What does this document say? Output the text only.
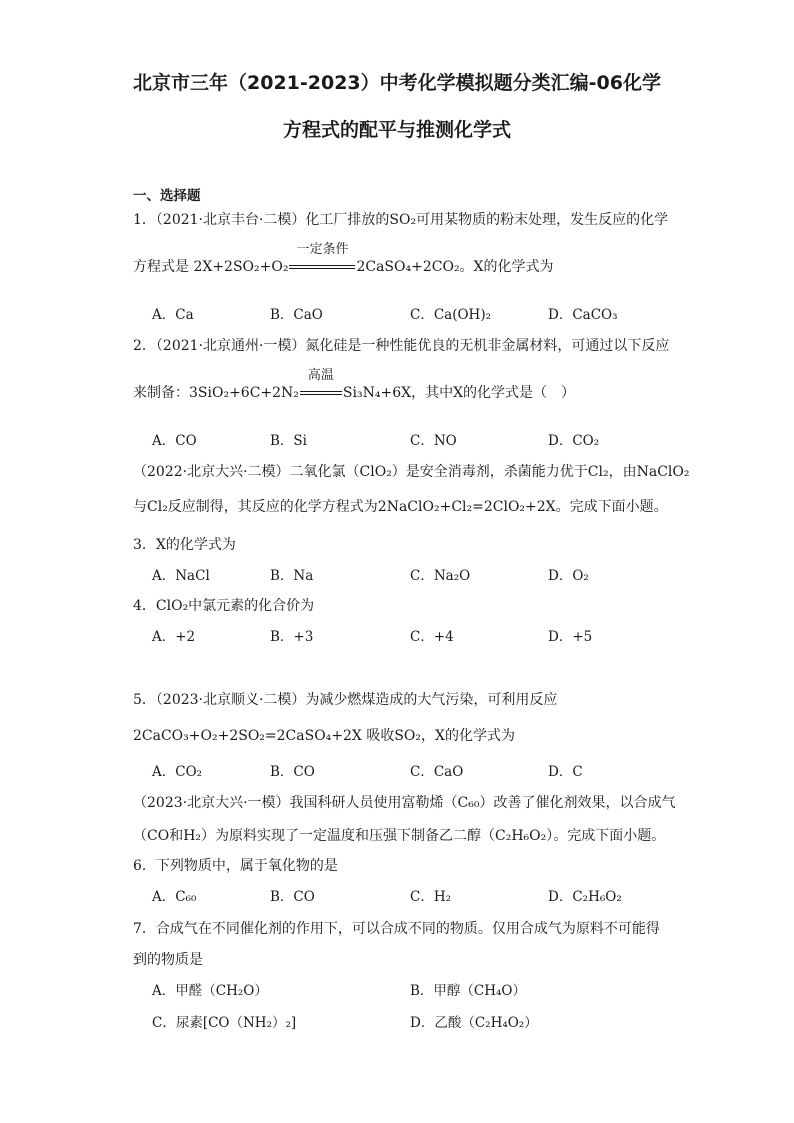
北京市三年（2021-2023）中考化学模拟题分类汇编-06化学
方程式的配平与推测化学式
一、选择题
1．（2021·北京丰台·二模）化工厂排放的SO₂可用某物质的粉末处理，发生反应的化学
方程式是 2X+2SO₂+O₂
一定条件
2CaSO₄+2CO₂。X的化学式为
A．Ca	B．CaO	C．Ca(OH)₂	D．CaCO₃
2．（2021·北京通州·一模）氮化硅是一种性能优良的无机非金属材料，可通过以下反应
来制备：3SiO₂+6C+2N₂
高温
Si₃N₄+6X，其中X的化学式是（　）
A．CO	B．Si	C．NO	D．CO₂
（2022·北京大兴·二模）二氧化氯（ClO₂）是安全消毒剂，杀菌能力优于Cl₂，由NaClO₂
与Cl₂反应制得，其反应的化学方程式为2NaClO₂+Cl₂=2ClO₂+2X。完成下面小题。
3．X的化学式为
A．NaCl	B．Na	C．Na₂O	D．O₂
4．ClO₂中氯元素的化合价为
A．+2	B．+3	C．+4	D．+5
5．（2023·北京顺义·二模）为减少燃煤造成的大气污染，可利用反应
2CaCO₃+O₂+2SO₂=2CaSO₄+2X 吸收SO₂，X的化学式为
A．CO₂	B．CO	C．CaO	D．C
（2023·北京大兴·一模）我国科研人员使用富勒烯（C₆₀）改善了催化剂效果，以合成气
（CO和H₂）为原料实现了一定温度和压强下制备乙二醇（C₂H₆O₂）。完成下面小题。
6．下列物质中，属于氧化物的是
A．C₆₀	B．CO	C．H₂	D．C₂H₆O₂
7．合成气在不同催化剂的作用下，可以合成不同的物质。仅用合成气为原料不可能得
到的物质是
A．甲醛（CH₂O）	B．甲醇（CH₄O）
C．尿素[CO（NH₂）₂]	D．乙酸（C₂H₄O₂）
